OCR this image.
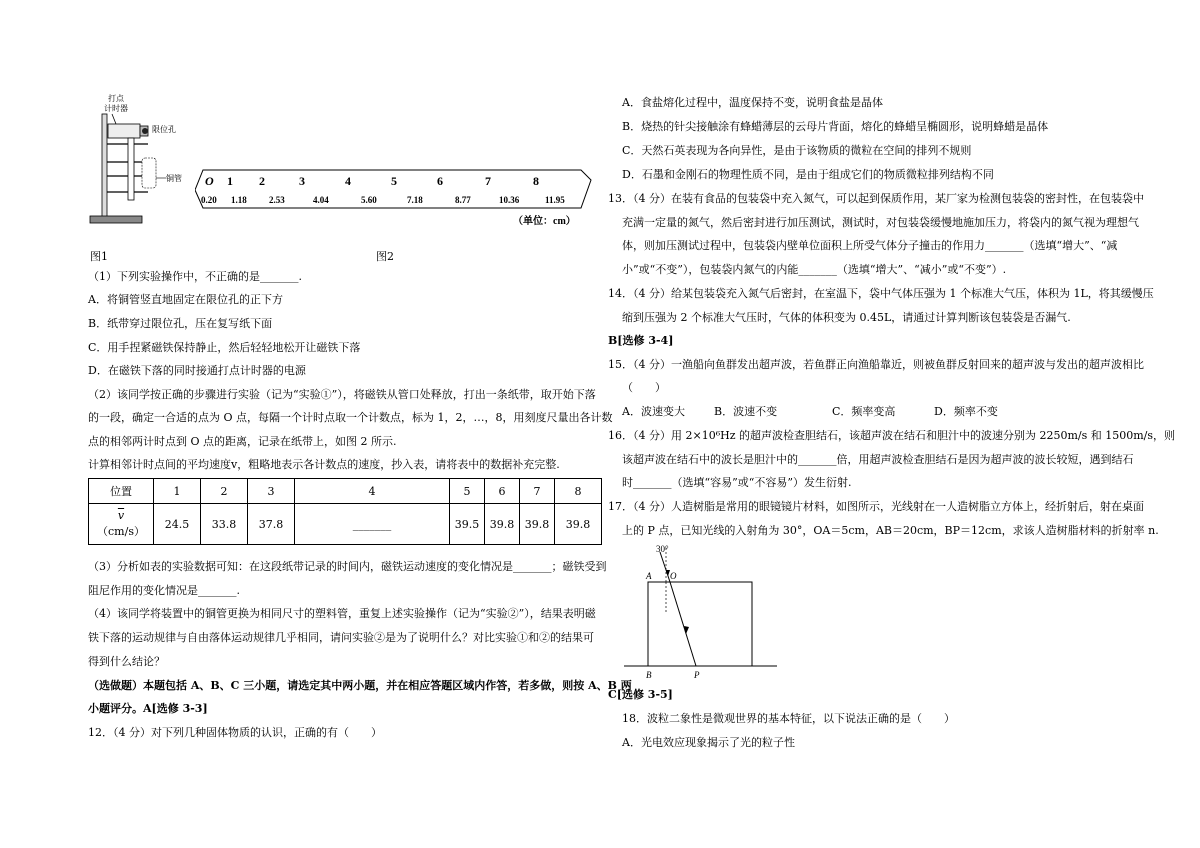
打点
计时器
限位孔
铜管
图1
O 1 2	3	4	5	6	7	8
0.20 1.18 2.53	4.04	5.60	7.18	8.77	10.36	11.95
（单位：cm）
图2
（1）下列实验操作中，不正确的是_______.
A．将铜管竖直地固定在限位孔的正下方
B．纸带穿过限位孔，压在复写纸下面
C．用手捏紧磁铁保持静止，然后轻轻地松开让磁铁下落
D．在磁铁下落的同时接通打点计时器的电源
（2）该同学按正确的步骤进行实验（记为“实验①”），将磁铁从管口处释放，打出一条纸带，取开始下落
的一段，确定一合适的点为 O 点，每隔一个计时点取一个计数点，标为 1，2，…，8，用刻度尺量出各计数
点的相邻两计时点到 O 点的距离，记录在纸带上，如图 2 所示.
计算相邻计时点间的平均速度v，粗略地表示各计数点的速度，抄入表，请将表中的数据补充完整.
位置	1	2	3	4	5	6	7	8
$\overline{v}$
（cm/s）	24.5	33.8	37.8	_______	39.5	39.8	39.8	39.8
（3）分析如表的实验数据可知：在这段纸带记录的时间内，磁铁运动速度的变化情况是_______；磁铁受到
阻尼作用的变化情况是_______.
（4）该同学将装置中的铜管更换为相同尺寸的塑料管，重复上述实验操作（记为“实验②”），结果表明磁
铁下落的运动规律与自由落体运动规律几乎相同，请问实验②是为了说明什么？对比实验①和②的结果可
得到什么结论？
（选做题）本题包括 A、B、C 三小题，请选定其中两小题，并在相应答题区域内作答，若多做，则按 A、B 两
小题评分。A[选修 3-3]
12．（4 分）对下列几种固体物质的认识，正确的有（　　）
A．食盐熔化过程中，温度保持不变，说明食盐是晶体
B．烧热的针尖接触涂有蜂蜡薄层的云母片背面，熔化的蜂蜡呈椭圆形，说明蜂蜡是晶体
C．天然石英表现为各向异性，是由于该物质的微粒在空间的排列不规则
D．石墨和金刚石的物理性质不同，是由于组成它们的物质微粒排列结构不同
13．（4 分）在装有食品的包装袋中充入氮气，可以起到保质作用，某厂家为检测包装袋的密封性，在包装袋中
充满一定量的氮气，然后密封进行加压测试，测试时，对包装袋缓慢地施加压力，将袋内的氮气视为理想气
体，则加压测试过程中，包装袋内壁单位面积上所受气体分子撞击的作用力_______（选填“增大”、“减
小”或“不变”），包装袋内氮气的内能_______（选填“增大”、“减小”或“不变”）.
14．（4 分）给某包装袋充入氮气后密封，在室温下，袋中气体压强为 1 个标准大气压，体积为 1L，将其缓慢压
缩到压强为 2 个标准大气压时，气体的体积变为 0.45L，请通过计算判断该包装袋是否漏气.
B[选修 3-4]
15．（4 分）一渔船向鱼群发出超声波，若鱼群正向渔船靠近，则被鱼群反射回来的超声波与发出的超声波相比
（　　）
A．波速变大	B．波速不变	C．频率变高	D．频率不变
16．（4 分）用 2×10⁶Hz 的超声波检查胆结石，该超声波在结石和胆汁中的波速分别为 2250m/s 和 1500m/s，则
该超声波在结石中的波长是胆汁中的_______倍，用超声波检查胆结石是因为超声波的波长较短，遇到结石
时_______（选填“容易”或“不容易”）发生衍射.
17．（4 分）人造树脂是常用的眼镜镜片材料，如图所示，光线射在一人造树脂立方体上，经折射后，射在桌面
上的 P 点，已知光线的入射角为 30°，OA＝5cm，AB＝20cm，BP＝12cm，求该人造树脂材料的折射率 n.
30°
A O
B	P
C[选修 3-5]
18．波粒二象性是微观世界的基本特征，以下说法正确的是（　　）
A．光电效应现象揭示了光的粒子性
